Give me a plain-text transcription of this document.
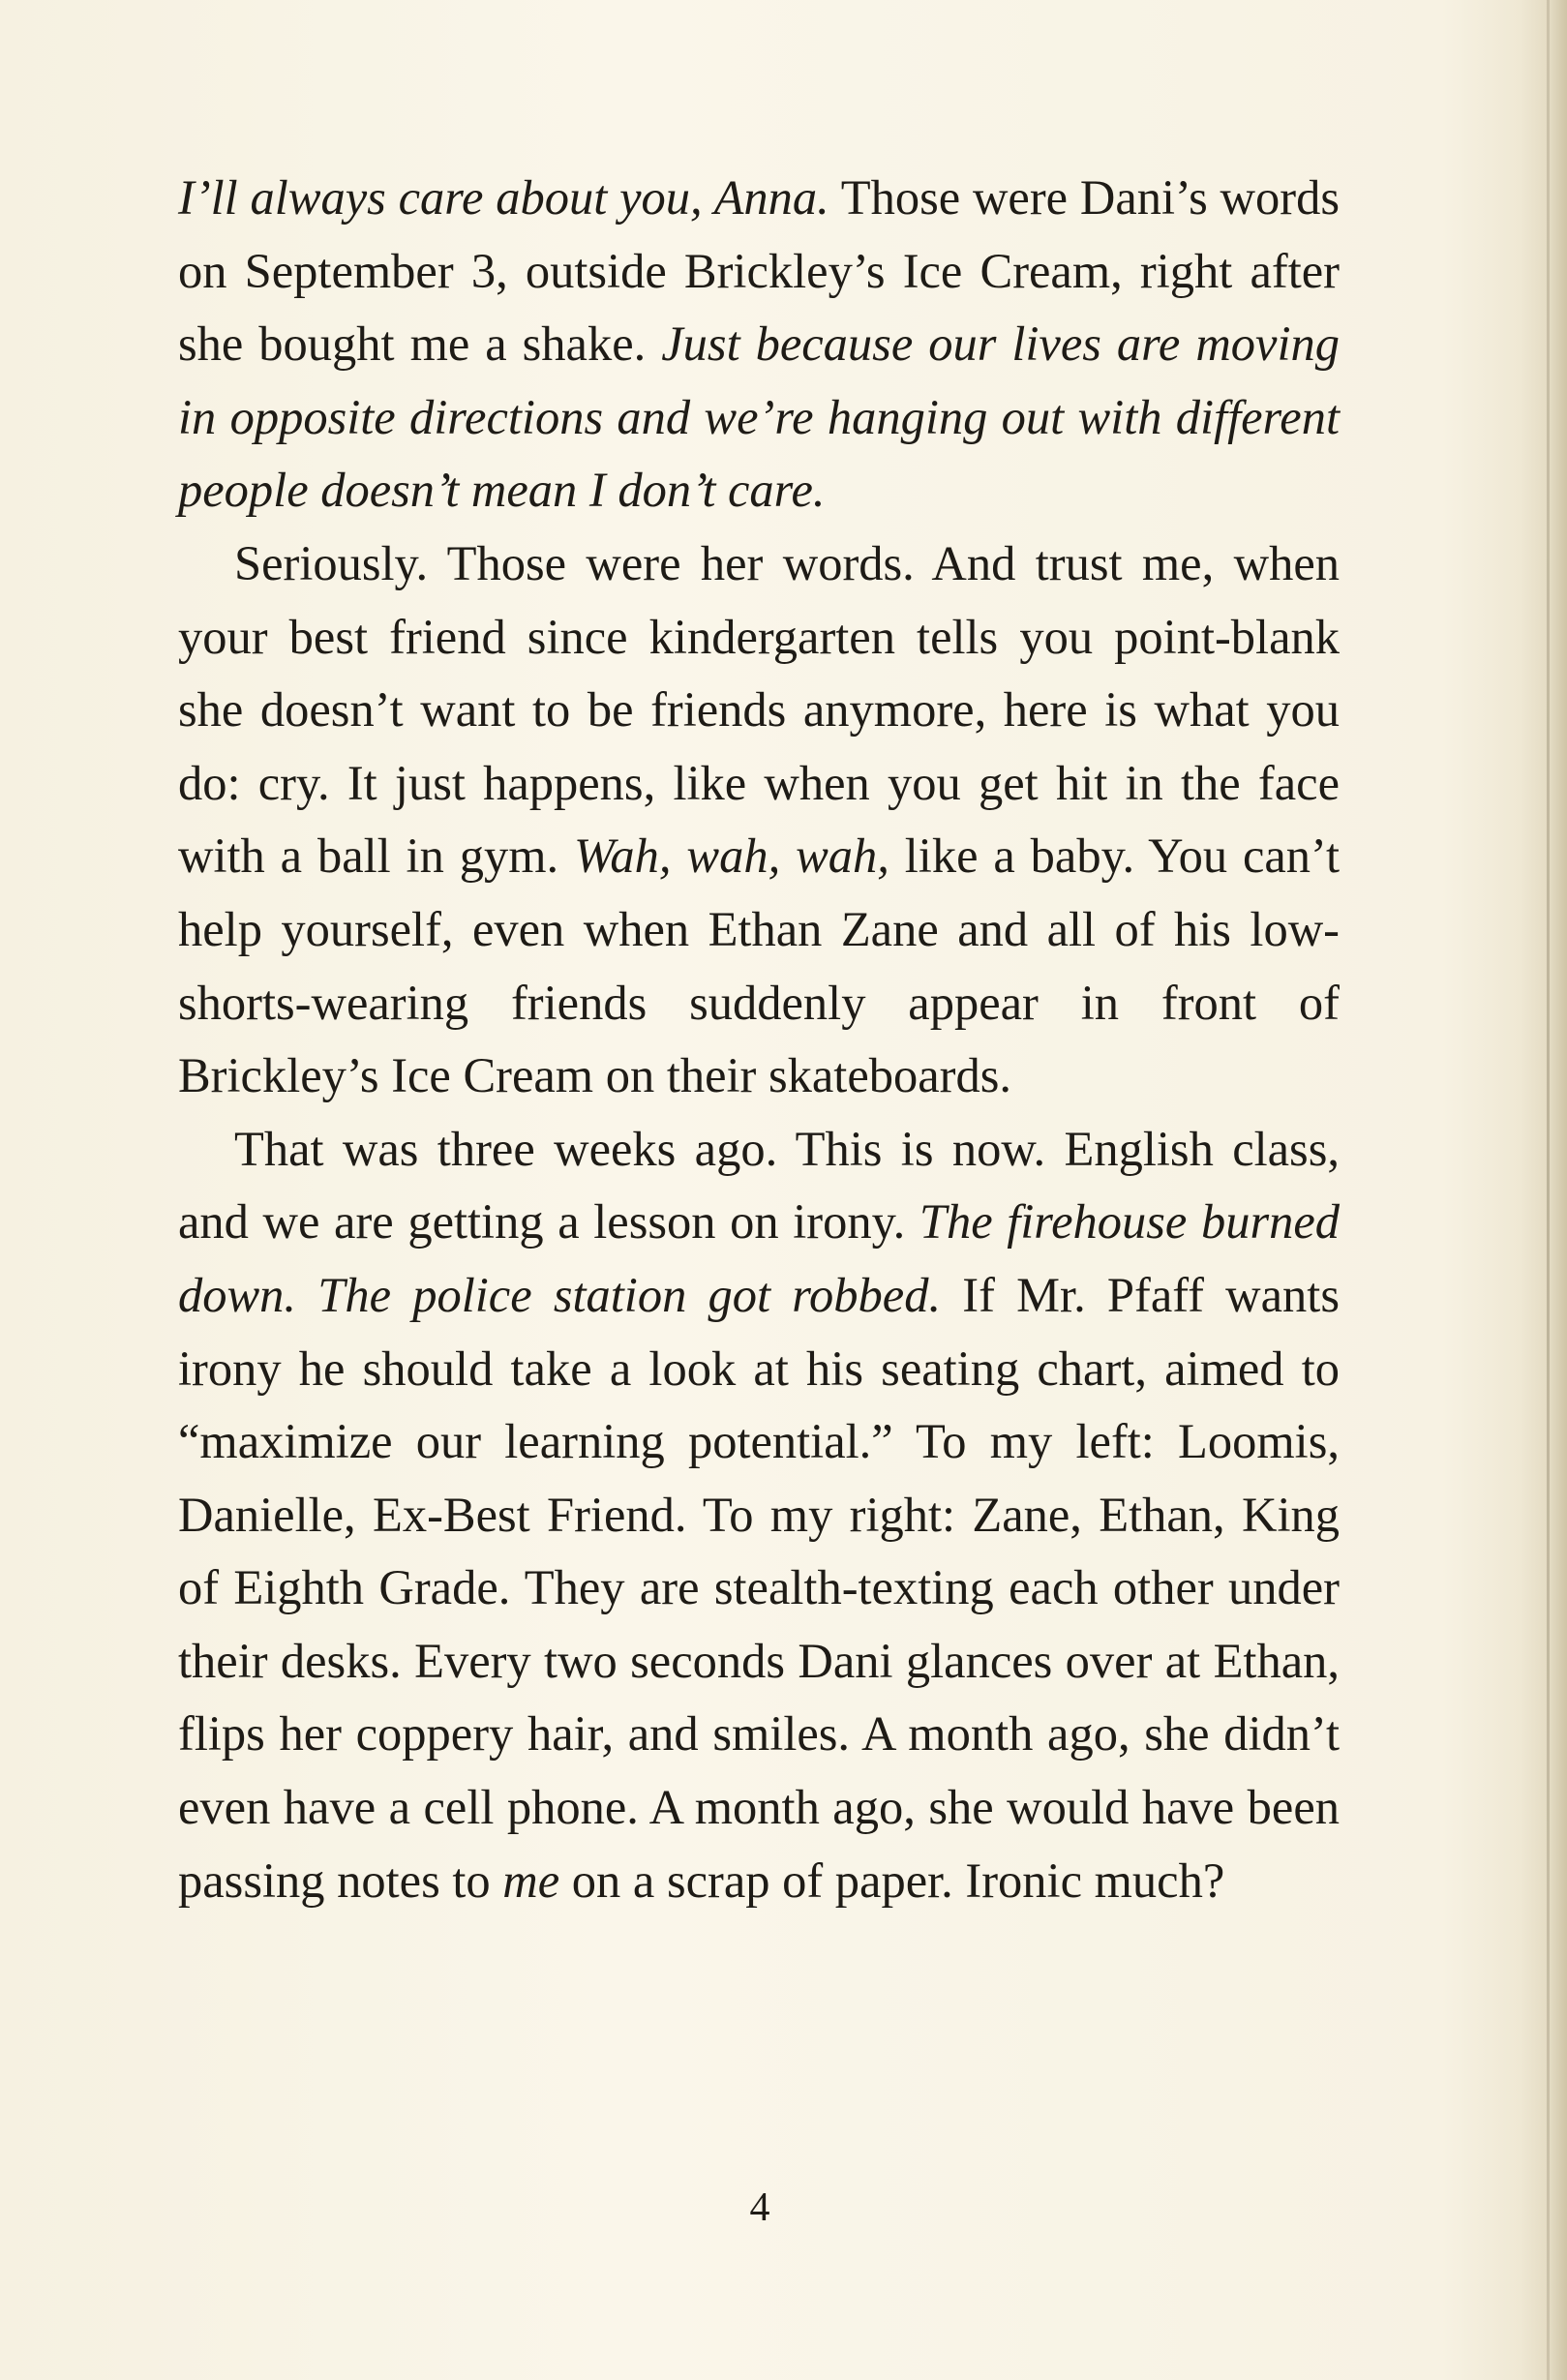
I’ll always care about you, Anna. Those were Dani’s words on September 3, outside Brickley’s Ice Cream, right after she bought me a shake. Just because our lives are moving in opposite directions and we’re hanging out with different people doesn’t mean I don’t care.

Seriously. Those were her words. And trust me, when your best friend since kindergarten tells you point-blank she doesn’t want to be friends anymore, here is what you do: cry. It just happens, like when you get hit in the face with a ball in gym. Wah, wah, wah, like a baby. You can’t help yourself, even when Ethan Zane and all of his low-shorts-wearing friends suddenly appear in front of Brickley’s Ice Cream on their skateboards.

That was three weeks ago. This is now. English class, and we are getting a lesson on irony. The firehouse burned down. The police station got robbed. If Mr. Pfaff wants irony he should take a look at his seating chart, aimed to “maximize our learning potential.” To my left: Loomis, Danielle, Ex-Best Friend. To my right: Zane, Ethan, King of Eighth Grade. They are stealth-texting each other under their desks. Every two seconds Dani glances over at Ethan, flips her coppery hair, and smiles. A month ago, she didn’t even have a cell phone. A month ago, she would have been passing notes to me on a scrap of paper. Ironic much?

4
